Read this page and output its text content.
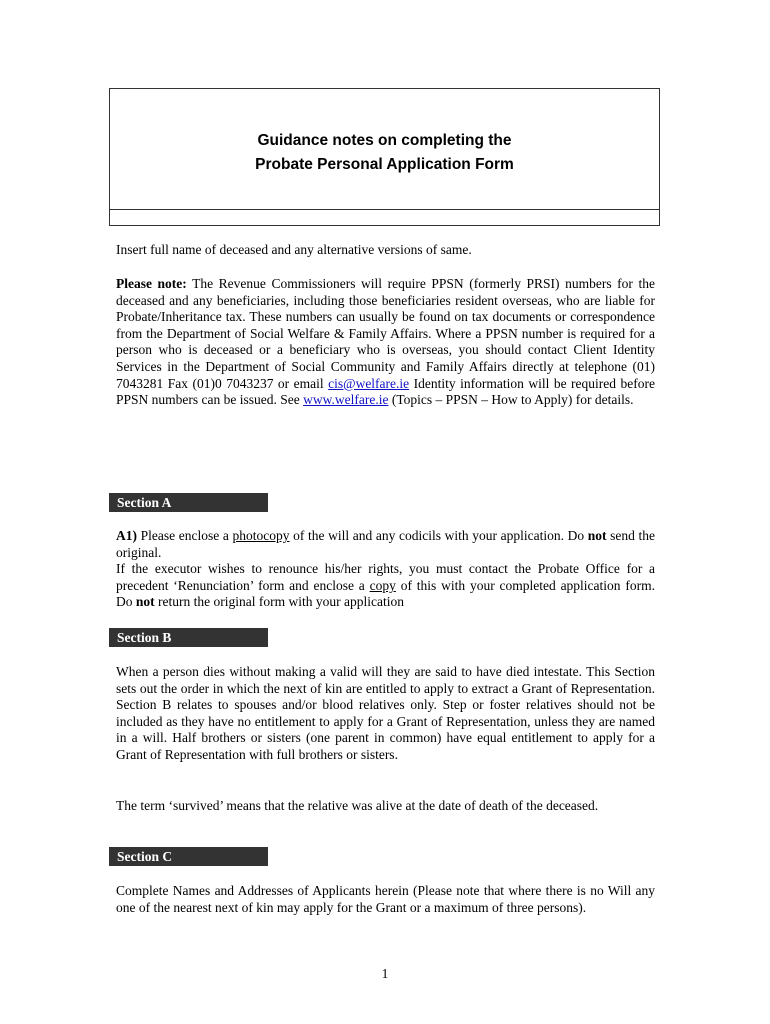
Guidance notes on completing the
Probate Personal Application Form
Insert full name of deceased and any alternative versions of same.
Please note: The Revenue Commissioners will require PPSN (formerly PRSI) numbers for the deceased and any beneficiaries, including those beneficiaries resident overseas, who are liable for Probate/Inheritance tax. These numbers can usually be found on tax documents or correspondence from the Department of Social Welfare & Family Affairs. Where a PPSN number is required for a person who is deceased or a beneficiary who is overseas, you should contact Client Identity Services in the Department of Social Community and Family Affairs directly at telephone (01) 7043281 Fax (01)0 7043237 or email cis@welfare.ie Identity information will be required before PPSN numbers can be issued. See www.welfare.ie (Topics – PPSN – How to Apply) for details.
Section A
A1) Please enclose a photocopy of the will and any codicils with your application. Do not send the original.
If the executor wishes to renounce his/her rights, you must contact the Probate Office for a precedent ‘Renunciation’ form and enclose a copy of this with your completed application form. Do not return the original form with your application
Section B
When a person dies without making a valid will they are said to have died intestate. This Section sets out the order in which the next of kin are entitled to apply to extract a Grant of Representation. Section B relates to spouses and/or blood relatives only. Step or foster relatives should not be included as they have no entitlement to apply for a Grant of Representation, unless they are named in a will. Half brothers or sisters (one parent in common) have equal entitlement to apply for a Grant of Representation with full brothers or sisters.
The term ‘survived’ means that the relative was alive at the date of death of the deceased.
Section C
Complete Names and Addresses of Applicants herein (Please note that where there is no Will any one of the nearest next of kin may apply for the Grant or a maximum of three persons).
1
